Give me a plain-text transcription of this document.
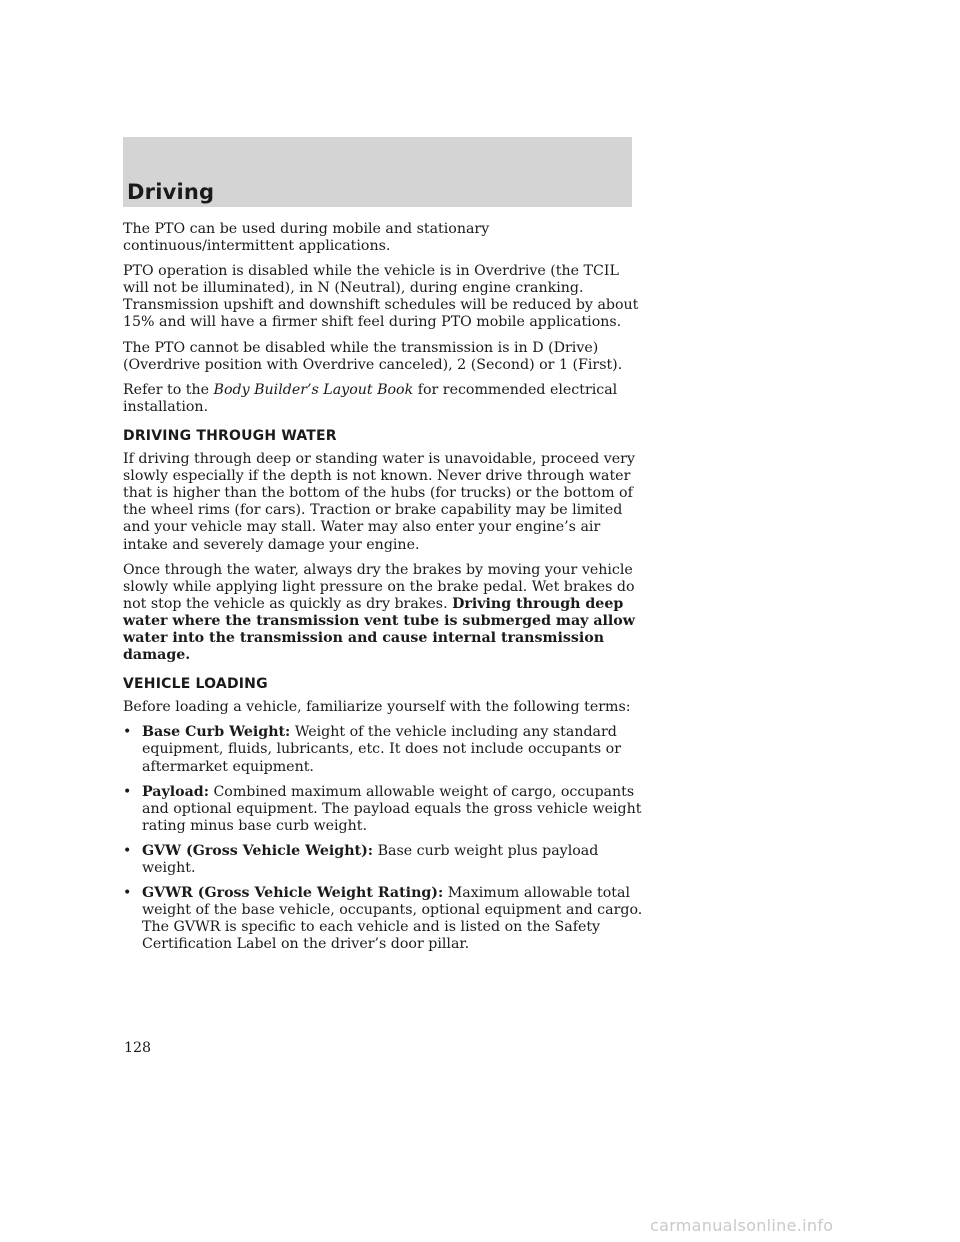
Driving

The PTO can be used during mobile and stationary continuous/intermittent applications.

PTO operation is disabled while the vehicle is in Overdrive (the TCIL will not be illuminated), in N (Neutral), during engine cranking. Transmission upshift and downshift schedules will be reduced by about 15% and will have a firmer shift feel during PTO mobile applications.

The PTO cannot be disabled while the transmission is in D (Drive) (Overdrive position with Overdrive canceled), 2 (Second) or 1 (First).

Refer to the Body Builder’s Layout Book for recommended electrical installation.

DRIVING THROUGH WATER

If driving through deep or standing water is unavoidable, proceed very slowly especially if the depth is not known. Never drive through water that is higher than the bottom of the hubs (for trucks) or the bottom of the wheel rims (for cars). Traction or brake capability may be limited and your vehicle may stall. Water may also enter your engine’s air intake and severely damage your engine.

Once through the water, always dry the brakes by moving your vehicle slowly while applying light pressure on the brake pedal. Wet brakes do not stop the vehicle as quickly as dry brakes. Driving through deep water where the transmission vent tube is submerged may allow water into the transmission and cause internal transmission damage.

VEHICLE LOADING

Before loading a vehicle, familiarize yourself with the following terms:

• Base Curb Weight: Weight of the vehicle including any standard equipment, fluids, lubricants, etc. It does not include occupants or aftermarket equipment.
• Payload: Combined maximum allowable weight of cargo, occupants and optional equipment. The payload equals the gross vehicle weight rating minus base curb weight.
• GVW (Gross Vehicle Weight): Base curb weight plus payload weight.
• GVWR (Gross Vehicle Weight Rating): Maximum allowable total weight of the base vehicle, occupants, optional equipment and cargo. The GVWR is specific to each vehicle and is listed on the Safety Certification Label on the driver’s door pillar.
128
carmanualsonline.info
